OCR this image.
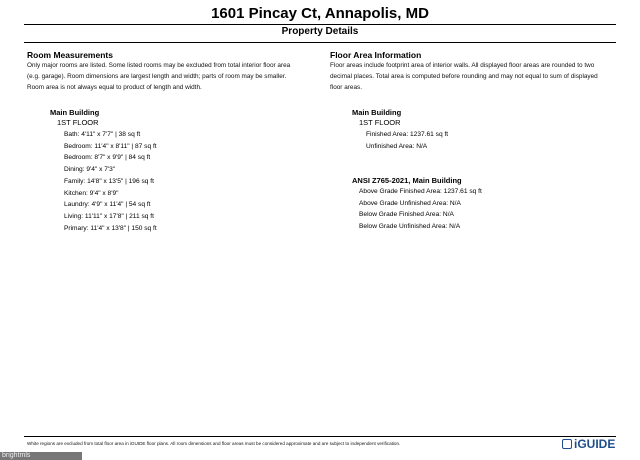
1601 Pincay Ct, Annapolis, MD
Property Details
Room Measurements
Only major rooms are listed. Some listed rooms may be excluded from total interior floor area
(e.g. garage). Room dimensions are largest length and width; parts of room may be smaller.
Room area is not always equal to product of length and width.
Main Building
1ST FLOOR
Bath: 4'11" x 7'7" | 38 sq ft
Bedroom: 11'4" x 8'11" | 87 sq ft
Bedroom: 8'7" x 9'9" | 84 sq ft
Dining: 9'4" x 7'3"
Family: 14'8" x 13'5" | 196 sq ft
Kitchen: 9'4" x 8'9"
Laundry: 4'9" x 11'4" | 54 sq ft
Living: 11'11" x 17'8" | 211 sq ft
Primary: 11'4" x 13'8" | 150 sq ft
Floor Area Information
Floor areas include footprint area of interior walls. All displayed floor areas are rounded to two
decimal places. Total area is computed before rounding and may not equal to sum of displayed
floor areas.
Main Building
1ST FLOOR
Finished Area: 1237.61 sq ft
Unfinished Area: N/A
ANSI Z765-2021, Main Building
Above Grade Finished Area: 1237.61 sq ft
Above Grade Unfinished Area: N/A
Below Grade Finished Area: N/A
Below Grade Unfinished Area: N/A
White regions are excluded from total floor area in iGUIDE floor plans. All room dimensions and floor areas must be considered approximate and are subject to independent verification.	iGUIDE
brightmls
